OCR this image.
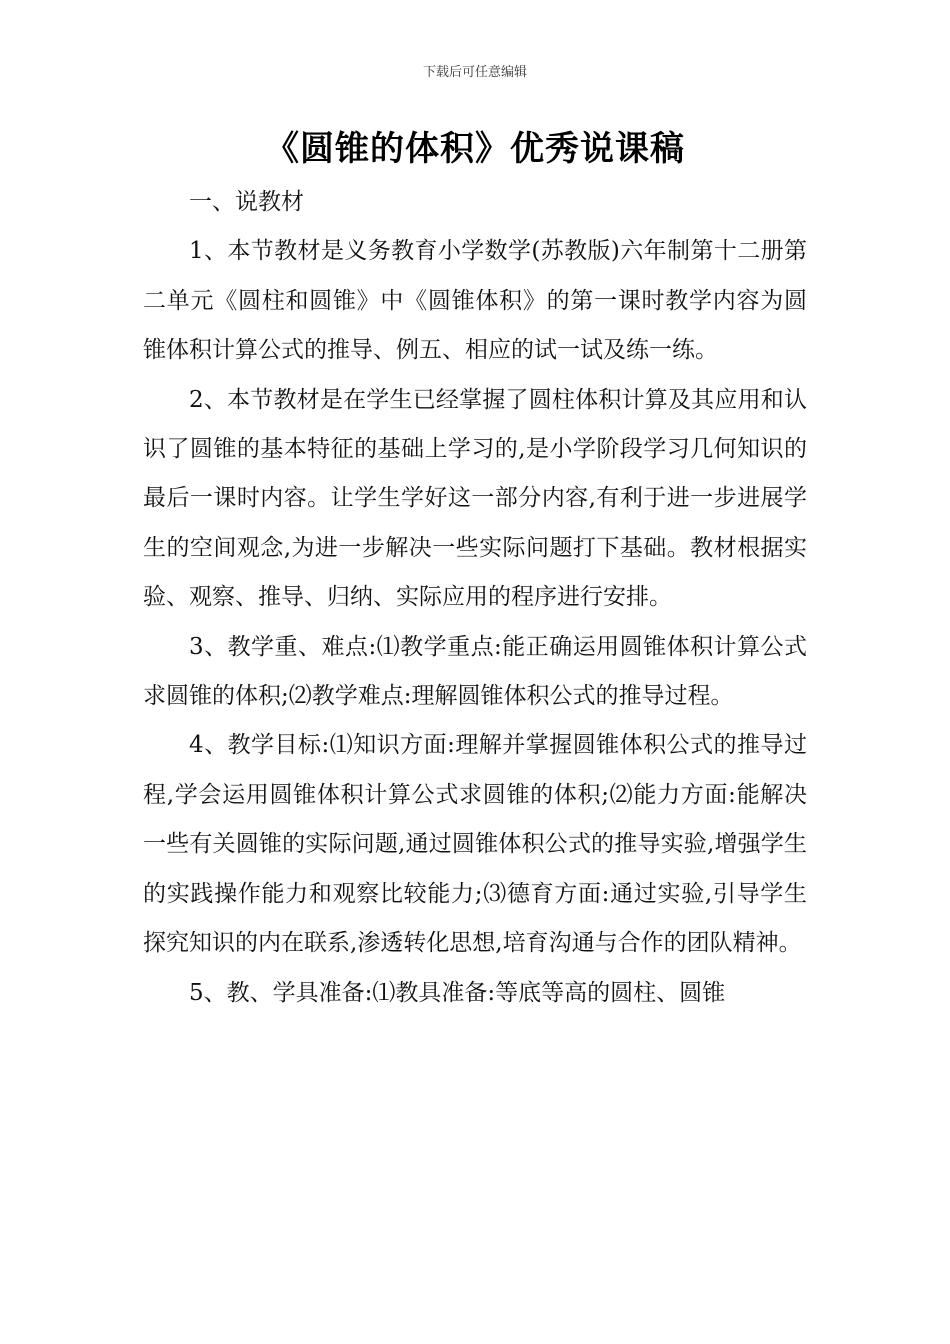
下载后可任意编辑
《圆锥的体积》优秀说课稿

一、说教材

1、本节教材是义务教育小学数学(苏教版)六年制第十二册第二单元《圆柱和圆锥》中《圆锥体积》的第一课时教学内容为圆锥体积计算公式的推导、例五、相应的试一试及练一练。

2、本节教材是在学生已经掌握了圆柱体积计算及其应用和认识了圆锥的基本特征的基础上学习的,是小学阶段学习几何知识的最后一课时内容。让学生学好这一部分内容,有利于进一步进展学生的空间观念,为进一步解决一些实际问题打下基础。教材根据实验、观察、推导、归纳、实际应用的程序进行安排。

3、教学重、难点:⑴教学重点:能正确运用圆锥体积计算公式求圆锥的体积;⑵教学难点:理解圆锥体积公式的推导过程。

4、教学目标:⑴知识方面:理解并掌握圆锥体积公式的推导过程,学会运用圆锥体积计算公式求圆锥的体积;⑵能力方面:能解决一些有关圆锥的实际问题,通过圆锥体积公式的推导实验,增强学生的实践操作能力和观察比较能力;⑶德育方面:通过实验,引导学生探究知识的内在联系,渗透转化思想,培育沟通与合作的团队精神。

5、教、学具准备:⑴教具准备:等底等高的圆柱、圆锥
